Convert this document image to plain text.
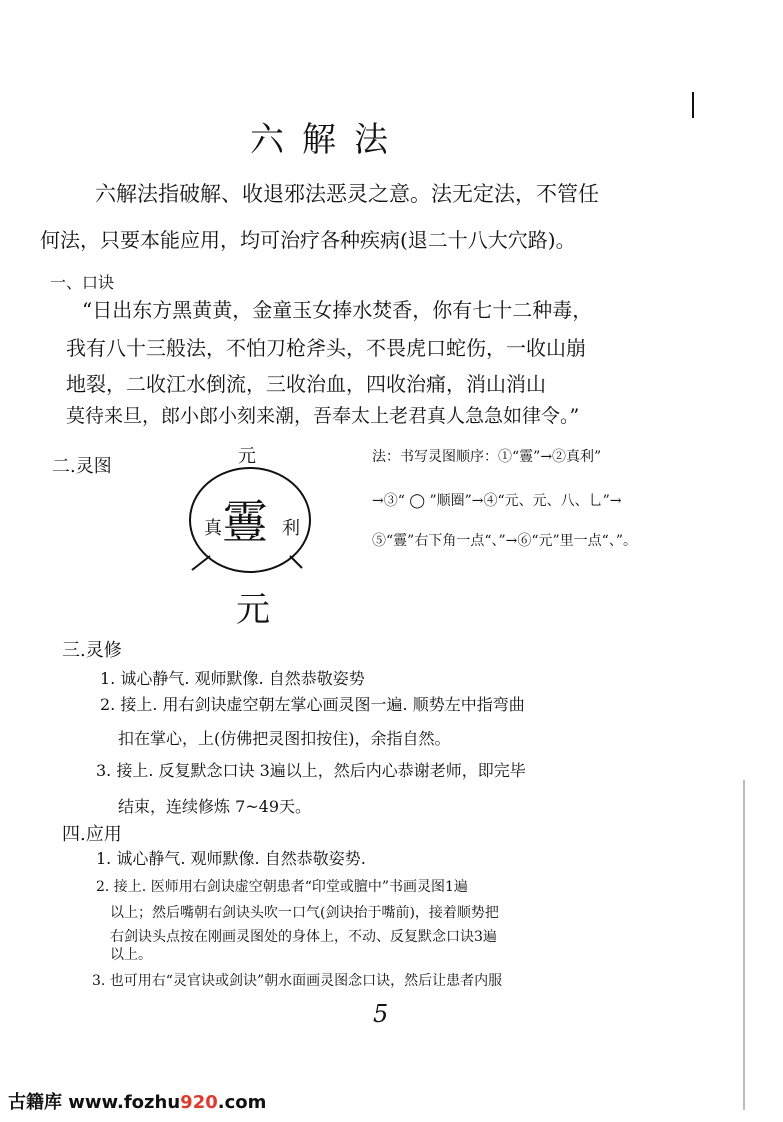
六解法
六解法指破解、收退邪法恶灵之意。法无定法，不管任
何法，只要本能应用，均可治疗各种疾病(退二十八大穴路)。
一、口诀
“日出东方黑黄黄，金童玉女捧水焚香，你有七十二种毒，
我有八十三般法，不怕刀枪斧头，不畏虎口蛇伤，一收山崩
地裂，二收江水倒流，三收治血，四收治痛，消山消山
莫待来旦，郎小郎小刻来潮，吾奉太上老君真人急急如律令。”
二.灵图	元
霻
真	利
元
法：书写灵图顺序：①“霻”→②真利”
→③“ ◯ ”顺圈”→④“元、元、八、乚”→
⑤“霻”右下角一点“、”→⑥“元”里一点“、”。
三.灵修
1. 诚心静气. 观师默像. 自然恭敬姿势
2. 接上. 用右剑诀虚空朝左掌心画灵图一遍. 顺势左中指弯曲
扣在掌心，上(仿佛把灵图扣按住)，余指自然。
3. 接上. 反复默念口诀 3遍以上，然后内心恭谢老师，即完毕
结束，连续修炼 7~49天。
四.应用
1. 诚心静气. 观师默像. 自然恭敬姿势.
2. 接上. 医师用右剑诀虚空朝患者“印堂或膻中”书画灵图1遍
以上；然后嘴朝右剑诀头吹一口气(剑诀抬于嘴前)，接着顺势把
右剑诀头点按在刚画灵图处的身体上，不动、反复默念口诀3遍
以上。
3. 也可用右“灵官诀或剑诀”朝水面画灵图念口诀，然后让患者内服
5
古籍库 www.fozhu920.com
